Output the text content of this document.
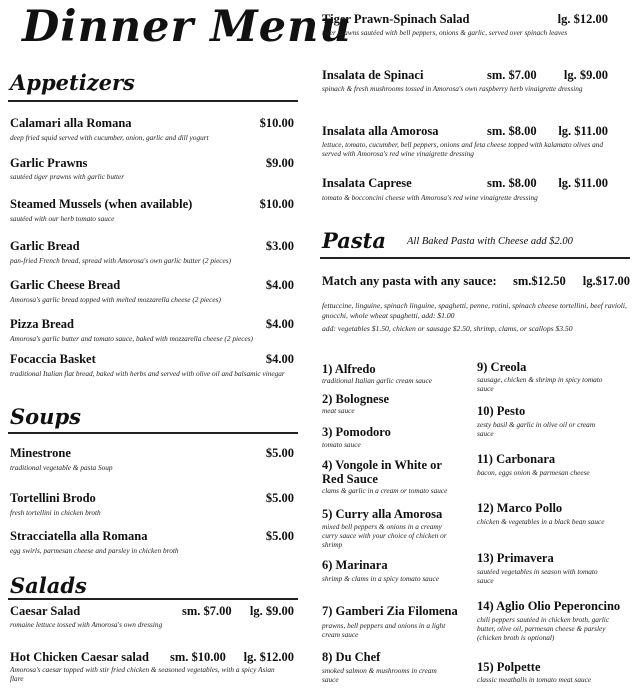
Dinner Menu
Appetizers
Calamari alla Romana	$10.00
deep fried squid served with cucumber, onion, garlic and dill yogurt
Garlic Prawns	$9.00
sautéed tiger prawns with garlic butter
Steamed Mussels (when available)	$10.00
sautéed with our herb tomato sauce
Garlic Bread	$3.00
pan-fried French bread, spread with Amorosa's own garlic butter (2 pieces)
Garlic Cheese Bread	$4.00
Amorosa's garlic bread topped with melted mozzarella cheese (2 pieces)
Pizza Bread	$4.00
Amorosa's garlic butter and tomato sauce, baked with mozzarella cheese (2 pieces)
Focaccia Basket	$4.00
traditional Italian flat bread, baked with herbs and served with olive oil and balsamic vinegar
Soups
Minestrone	$5.00
traditional vegetable & pasta Soup
Tortellini Brodo	$5.00
fresh tortellini in chicken broth
Stracciatella alla Romana	$5.00
egg swirls, parmesan cheese and parsley in chicken broth
Salads
Caesar Salad	sm. $7.00 lg. $9.00
romaine lettuce tossed with Amorosa's own dressing
Hot Chicken Caesar salad sm. $10.00 lg. $12.00
Amorosa's caesar topped with stir fried chicken & seasoned vegetables, with a spicy Asian flare
Tiger Prawn-Spinach Salad	lg. $12.00
tiger prawns sautéed with bell peppers, onions & garlic, served over spinach leaves
Insalata de Spinaci	sm. $7.00 lg. $9.00
spinach & fresh mushrooms tossed in Amorosa's own raspberry herb vinaigrette dressing
Insalata alla Amorosa	sm. $8.00 lg. $11.00
lettuce, tomato, cucumber, bell peppers, onions and feta cheese topped with kalamato olives and served with Amorosa's red wine vinaigrette dressing
Insalata Caprese	sm. $8.00 lg. $11.00
tomato & bocconcini cheese with Amorosa's red wine vinaigrette dressing
Pasta All Baked Pasta with Cheese add $2.00
Match any pasta with any sauce: sm.$12.50 lg.$17.00
fettuccine, linguine, spinach linguine, spaghetti, penne, rotini, spinach cheese tortellini, beef ravioli, gnocchi, whole wheat spaghetti, add: $1.00
add: vegetables $1.50, chicken or sausage $2.50, shrimp, clams, or scallops $3.50
1) Alfredo
traditional Italian garlic cream sauce
2) Bolognese
meat sauce
3) Pomodoro
tomato sauce
4) Vongole in White or Red Sauce
clams & garlic in a cream or tomato sauce
5) Curry alla Amorosa
mixed bell peppers & onions in a creamy curry sauce with your choice of chicken or shrimp
6) Marinara
shrimp & clams in a spicy tomato sauce
7) Gamberi Zia Filomena
prawns, bell peppers and onions in a light cream sauce
8) Du Chef
smoked salmon & mushrooms in cream sauce
9) Creola
sausage, chicken & shrimp in spicy tomato sauce
10) Pesto
zesty basil & garlic in olive oil or cream sauce
11) Carbonara
bacon, eggs onion & parmesan cheese
12) Marco Pollo
chicken & vegetables in a black bean sauce
13) Primavera
sautéed vegetables in season with tomato sauce
14) Aglio Olio Peperoncino
chili peppers sautéed in chicken broth, garlic butter, olive oil, parmesan cheese & parsley (chicken broth is optional)
15) Polpette
classic meatballs in tomato meat sauce
